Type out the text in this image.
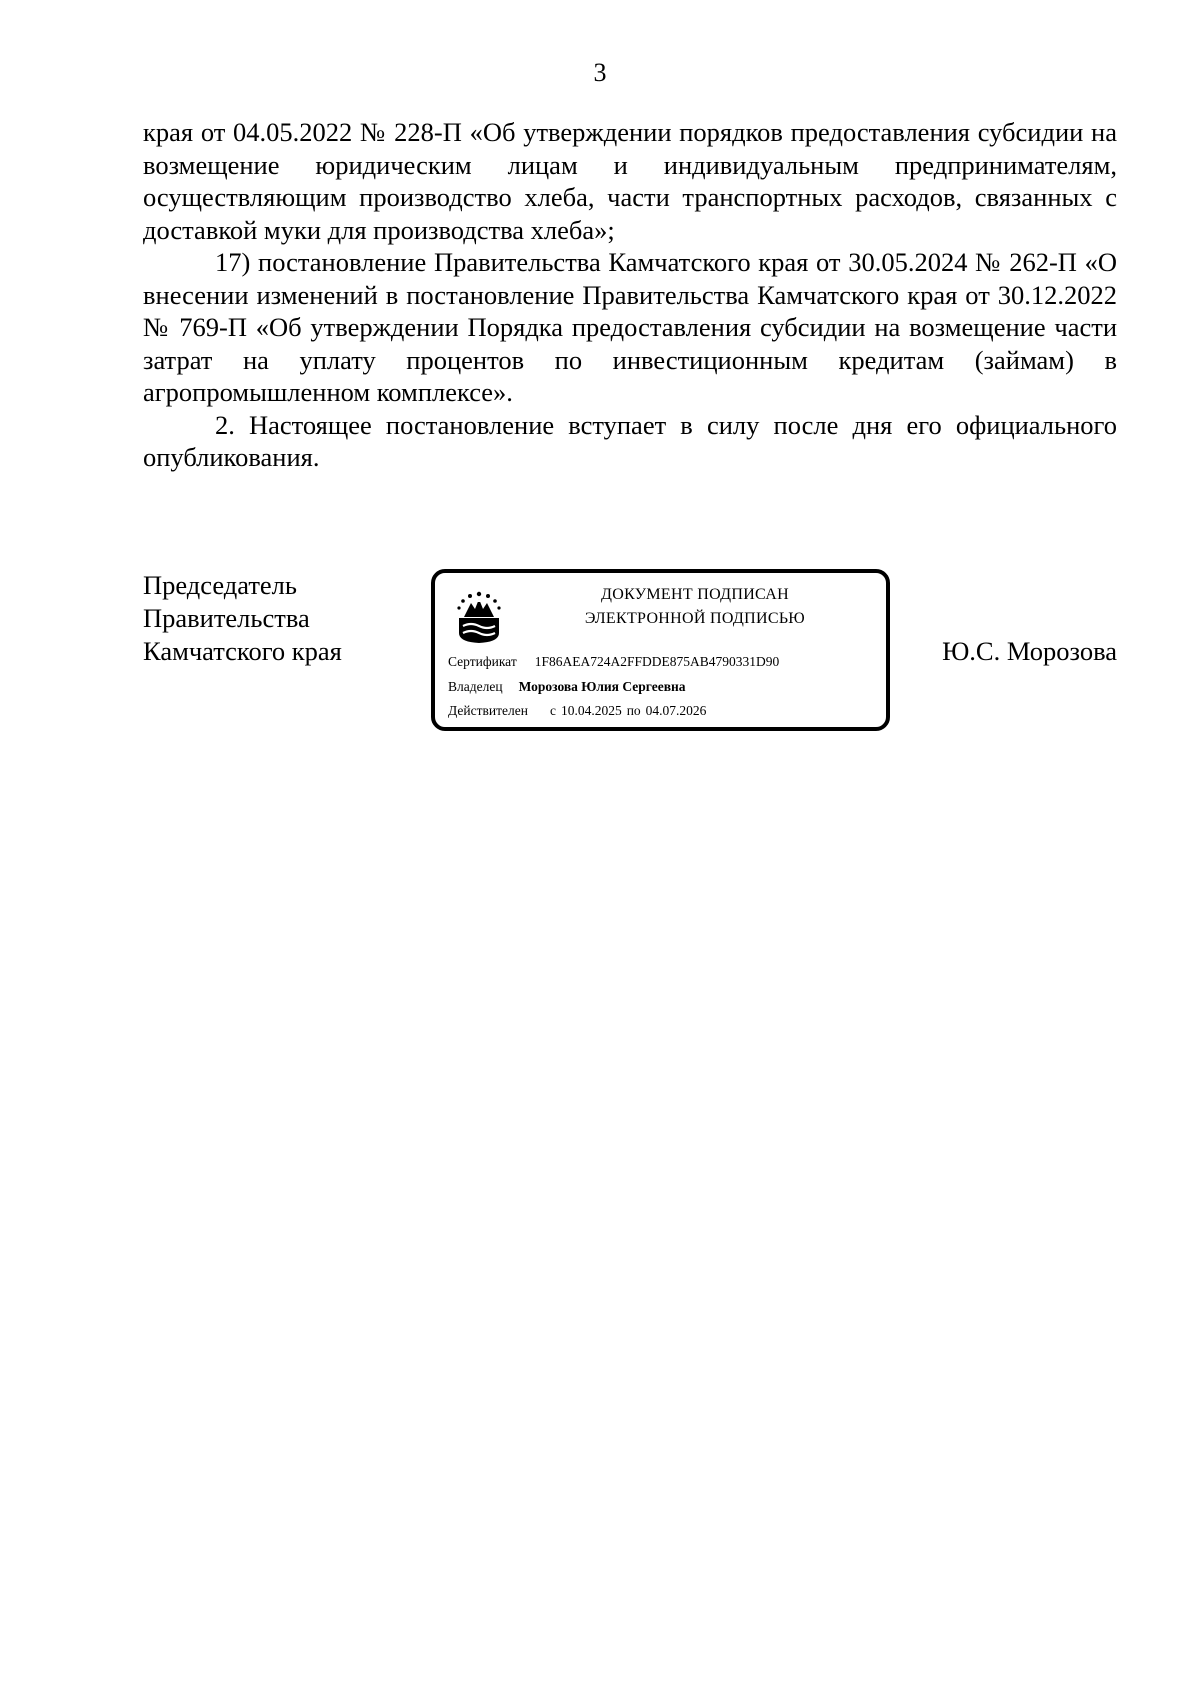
3

края от 04.05.2022 № 228-П «Об утверждении порядков предоставления субсидии на возмещение юридическим лицам и индивидуальным предпринимателям, осуществляющим производство хлеба, части транспортных расходов, связанных с доставкой муки для производства хлеба»;

17) постановление Правительства Камчатского края от 30.05.2024 № 262-П «О внесении изменений в постановление Правительства Камчатского края от 30.12.2022 № 769-П «Об утверждении Порядка предоставления субсидии на возмещение части затрат на уплату процентов по инвестиционным кредитам (займам) в агропромышленном комплексе».

2. Настоящее постановление вступает в силу после дня его официального опубликования.

Председатель
Правительства
Камчатского края
ДОКУМЕНТ ПОДПИСАН
ЭЛЕКТРОННОЙ ПОДПИСЬЮ
Сертификат 1F86AEA724A2FFDDE875AB4790331D90
Владелец Морозова Юлия Сергеевна
Действителен с 10.04.2025 по 04.07.2026
Ю.С. Морозова
